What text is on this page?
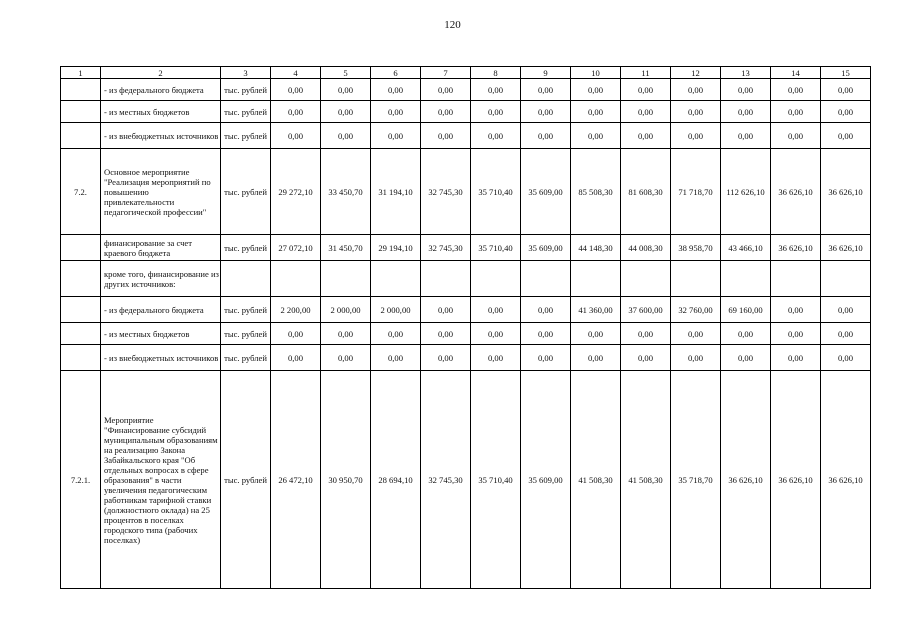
120
1	2	3	4	5	6	7	8	9	10	11	12	13	14	15
	- из федерального бюджета	тыс. рублей	0,00	0,00	0,00	0,00	0,00	0,00	0,00	0,00	0,00	0,00	0,00	0,00
	- из местных бюджетов	тыс. рублей	0,00	0,00	0,00	0,00	0,00	0,00	0,00	0,00	0,00	0,00	0,00	0,00
	- из внебюджетных источников	тыс. рублей	0,00	0,00	0,00	0,00	0,00	0,00	0,00	0,00	0,00	0,00	0,00	0,00
7.2.	Основное мероприятие "Реализация мероприятий по повышению привлекательности педагогической профессии"	тыс. рублей	29 272,10	33 450,70	31 194,10	32 745,30	35 710,40	35 609,00	85 508,30	81 608,30	71 718,70	112 626,10	36 626,10	36 626,10
	финансирование за счет краевого бюджета	тыс. рублей	27 072,10	31 450,70	29 194,10	32 745,30	35 710,40	35 609,00	44 148,30	44 008,30	38 958,70	43 466,10	36 626,10	36 626,10
	кроме того, финансирование из других источников:													
	- из федерального бюджета	тыс. рублей	2 200,00	2 000,00	2 000,00	0,00	0,00	0,00	41 360,00	37 600,00	32 760,00	69 160,00	0,00	0,00
	- из местных бюджетов	тыс. рублей	0,00	0,00	0,00	0,00	0,00	0,00	0,00	0,00	0,00	0,00	0,00	0,00
	- из внебюджетных источников	тыс. рублей	0,00	0,00	0,00	0,00	0,00	0,00	0,00	0,00	0,00	0,00	0,00	0,00
7.2.1.	Мероприятие "Финансирование субсидий муниципальным образованиям на реализацию Закона Забайкальского края "Об отдельных вопросах в сфере образования" в части увеличения педагогическим работникам тарифной ставки (должностного оклада) на 25 процентов в поселках городского типа (рабочих поселках)	тыс. рублей	26 472,10	30 950,70	28 694,10	32 745,30	35 710,40	35 609,00	41 508,30	41 508,30	35 718,70	36 626,10	36 626,10	36 626,10
